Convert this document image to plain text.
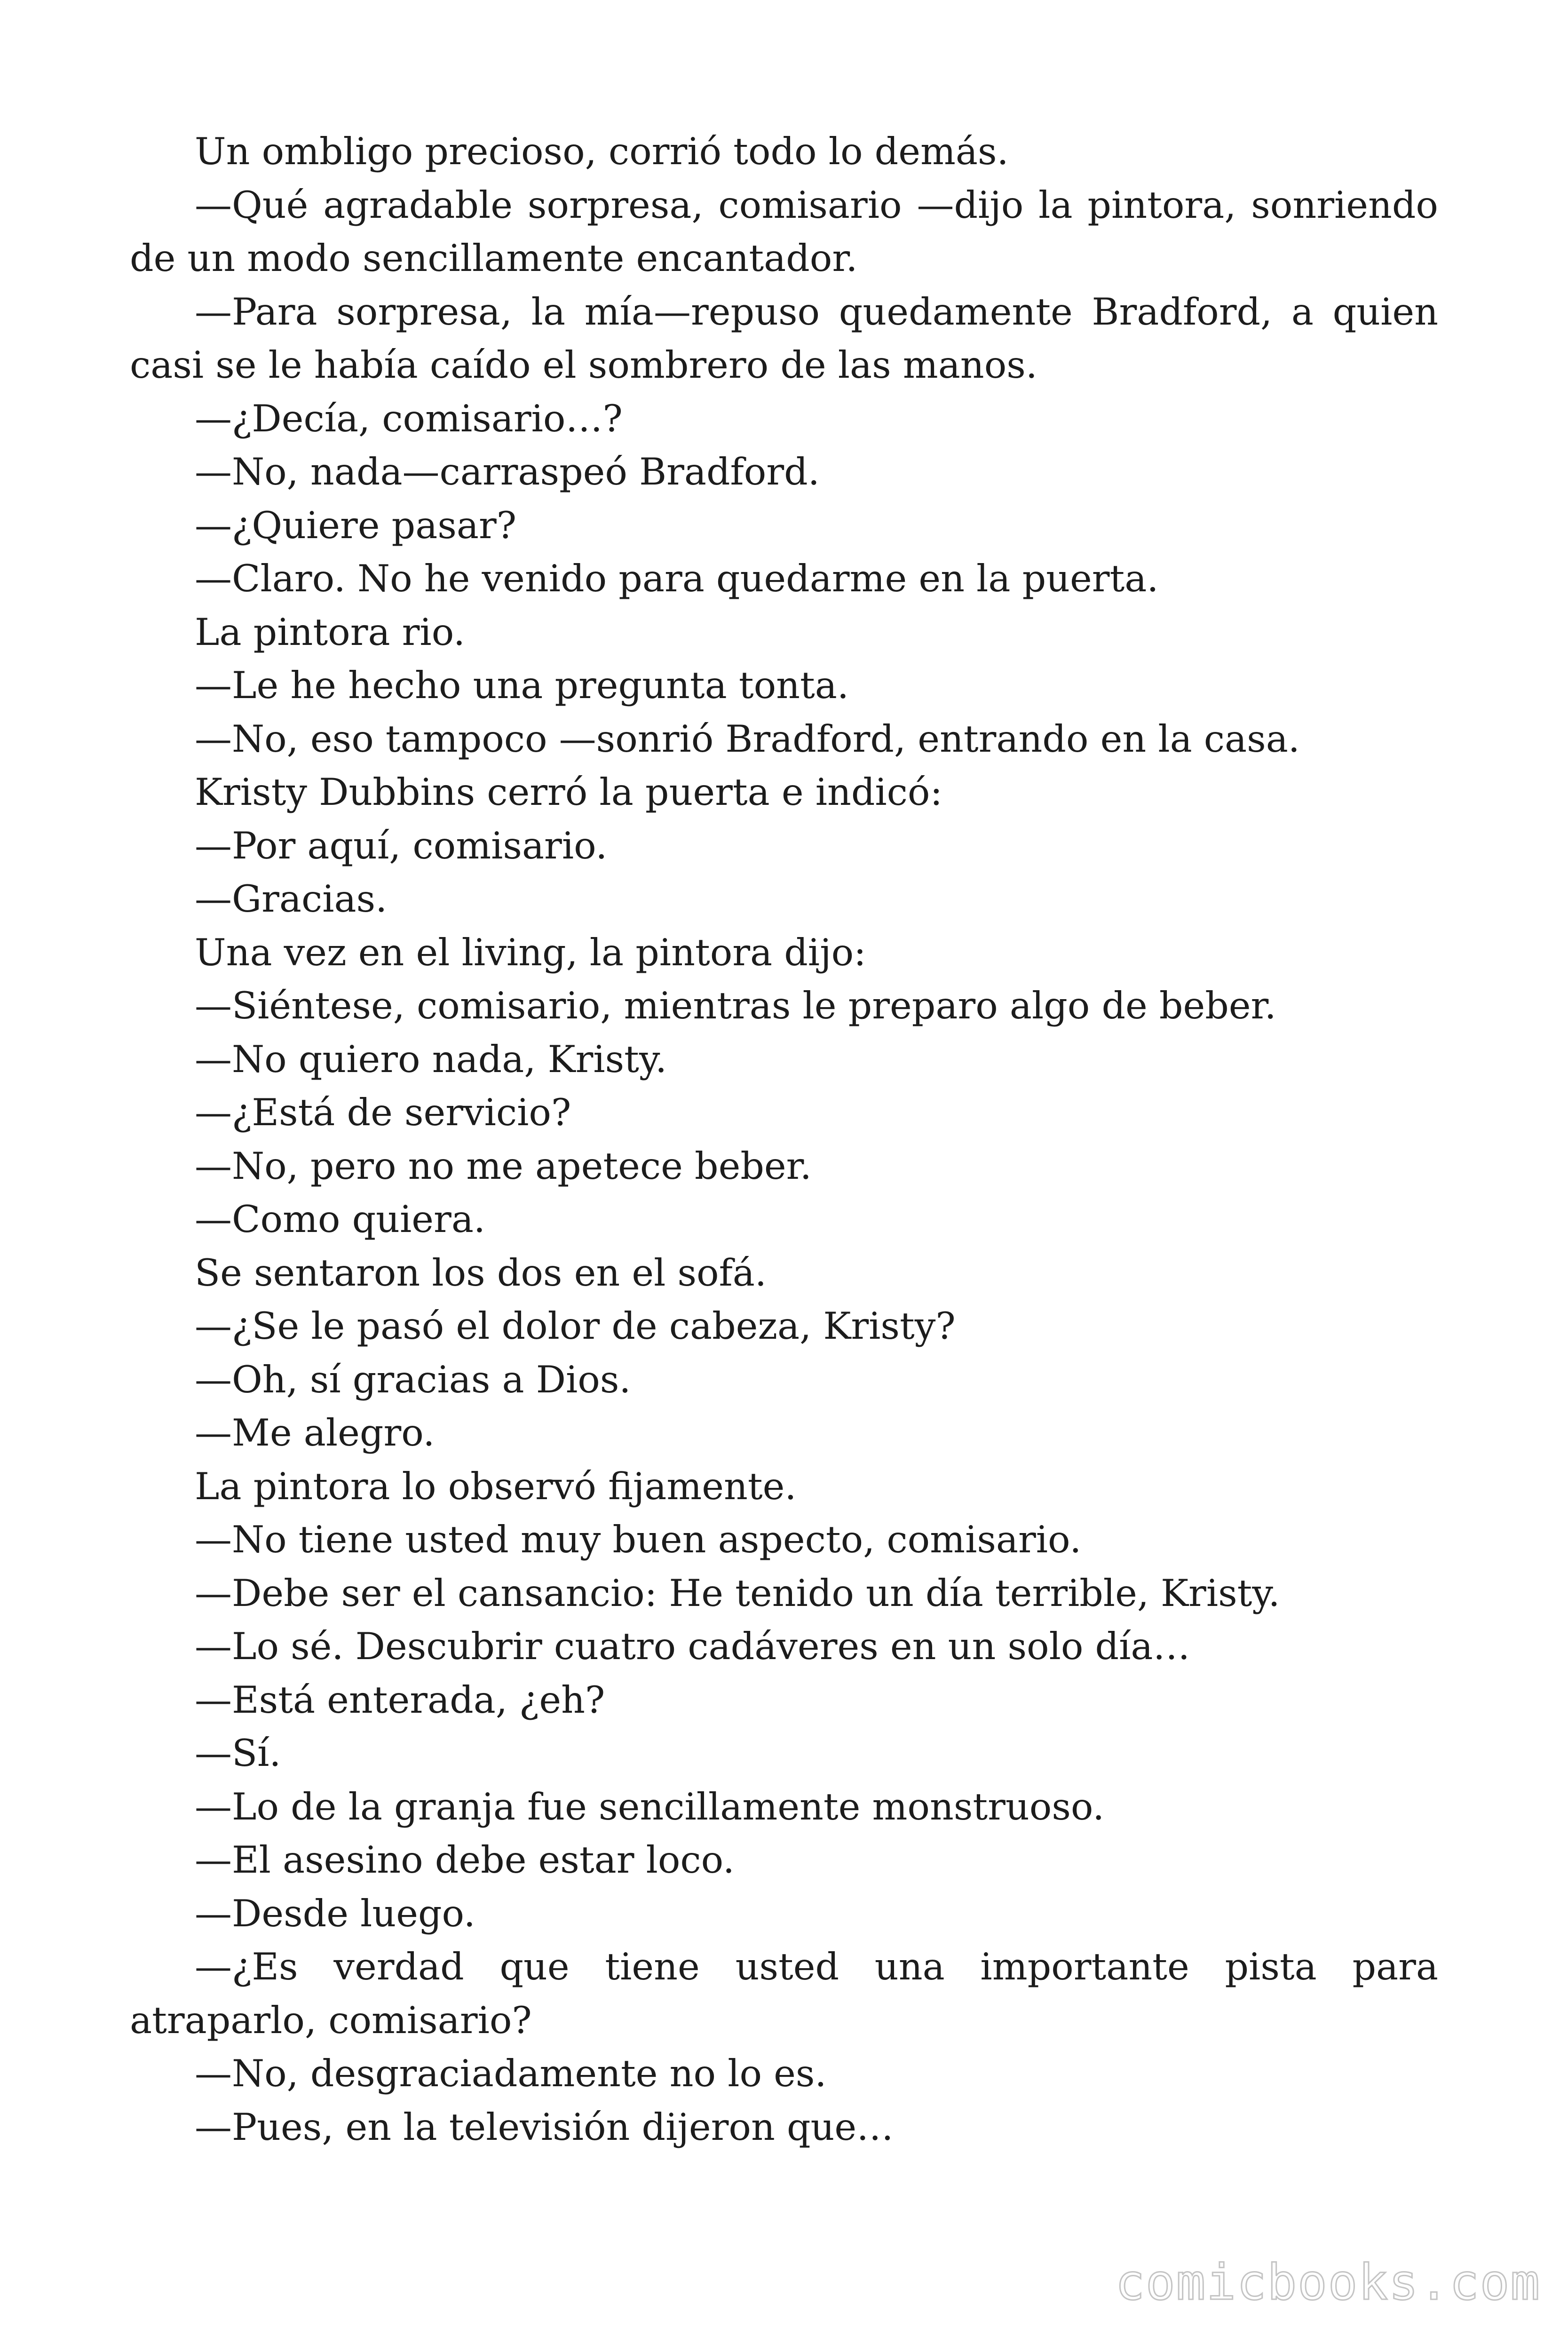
Un ombligo precioso, corrió todo lo demás.

—Qué agradable sorpresa, comisario —dijo la pintora, sonriendo de un modo sencillamente encantador.

—Para sorpresa, la mía—repuso quedamente Bradford, a quien casi se le había caído el sombrero de las manos.

—¿Decía, comisario…?

—No, nada—carraspeó Bradford.

—¿Quiere pasar?

—Claro. No he venido para quedarme en la puerta.

La pintora rio.

—Le he hecho una pregunta tonta.

—No, eso tampoco —sonrió Bradford, entrando en la casa.

Kristy Dubbins cerró la puerta e indicó:

—Por aquí, comisario.

—Gracias.

Una vez en el living, la pintora dijo:

—Siéntese, comisario, mientras le preparo algo de beber.

—No quiero nada, Kristy.

—¿Está de servicio?

—No, pero no me apetece beber.

—Como quiera.

Se sentaron los dos en el sofá.

—¿Se le pasó el dolor de cabeza, Kristy?

—Oh, sí gracias a Dios.

—Me alegro.

La pintora lo observó fijamente.

—No tiene usted muy buen aspecto, comisario.

—Debe ser el cansancio: He tenido un día terrible, Kristy.

—Lo sé. Descubrir cuatro cadáveres en un solo día…

—Está enterada, ¿eh?

—Sí.

—Lo de la granja fue sencillamente monstruoso.

—El asesino debe estar loco.

—Desde luego.

—¿Es verdad que tiene usted una importante pista para atraparlo, comisario?

—No, desgraciadamente no lo es.

—Pues, en la televisión dijeron que…

comicbooks.com
